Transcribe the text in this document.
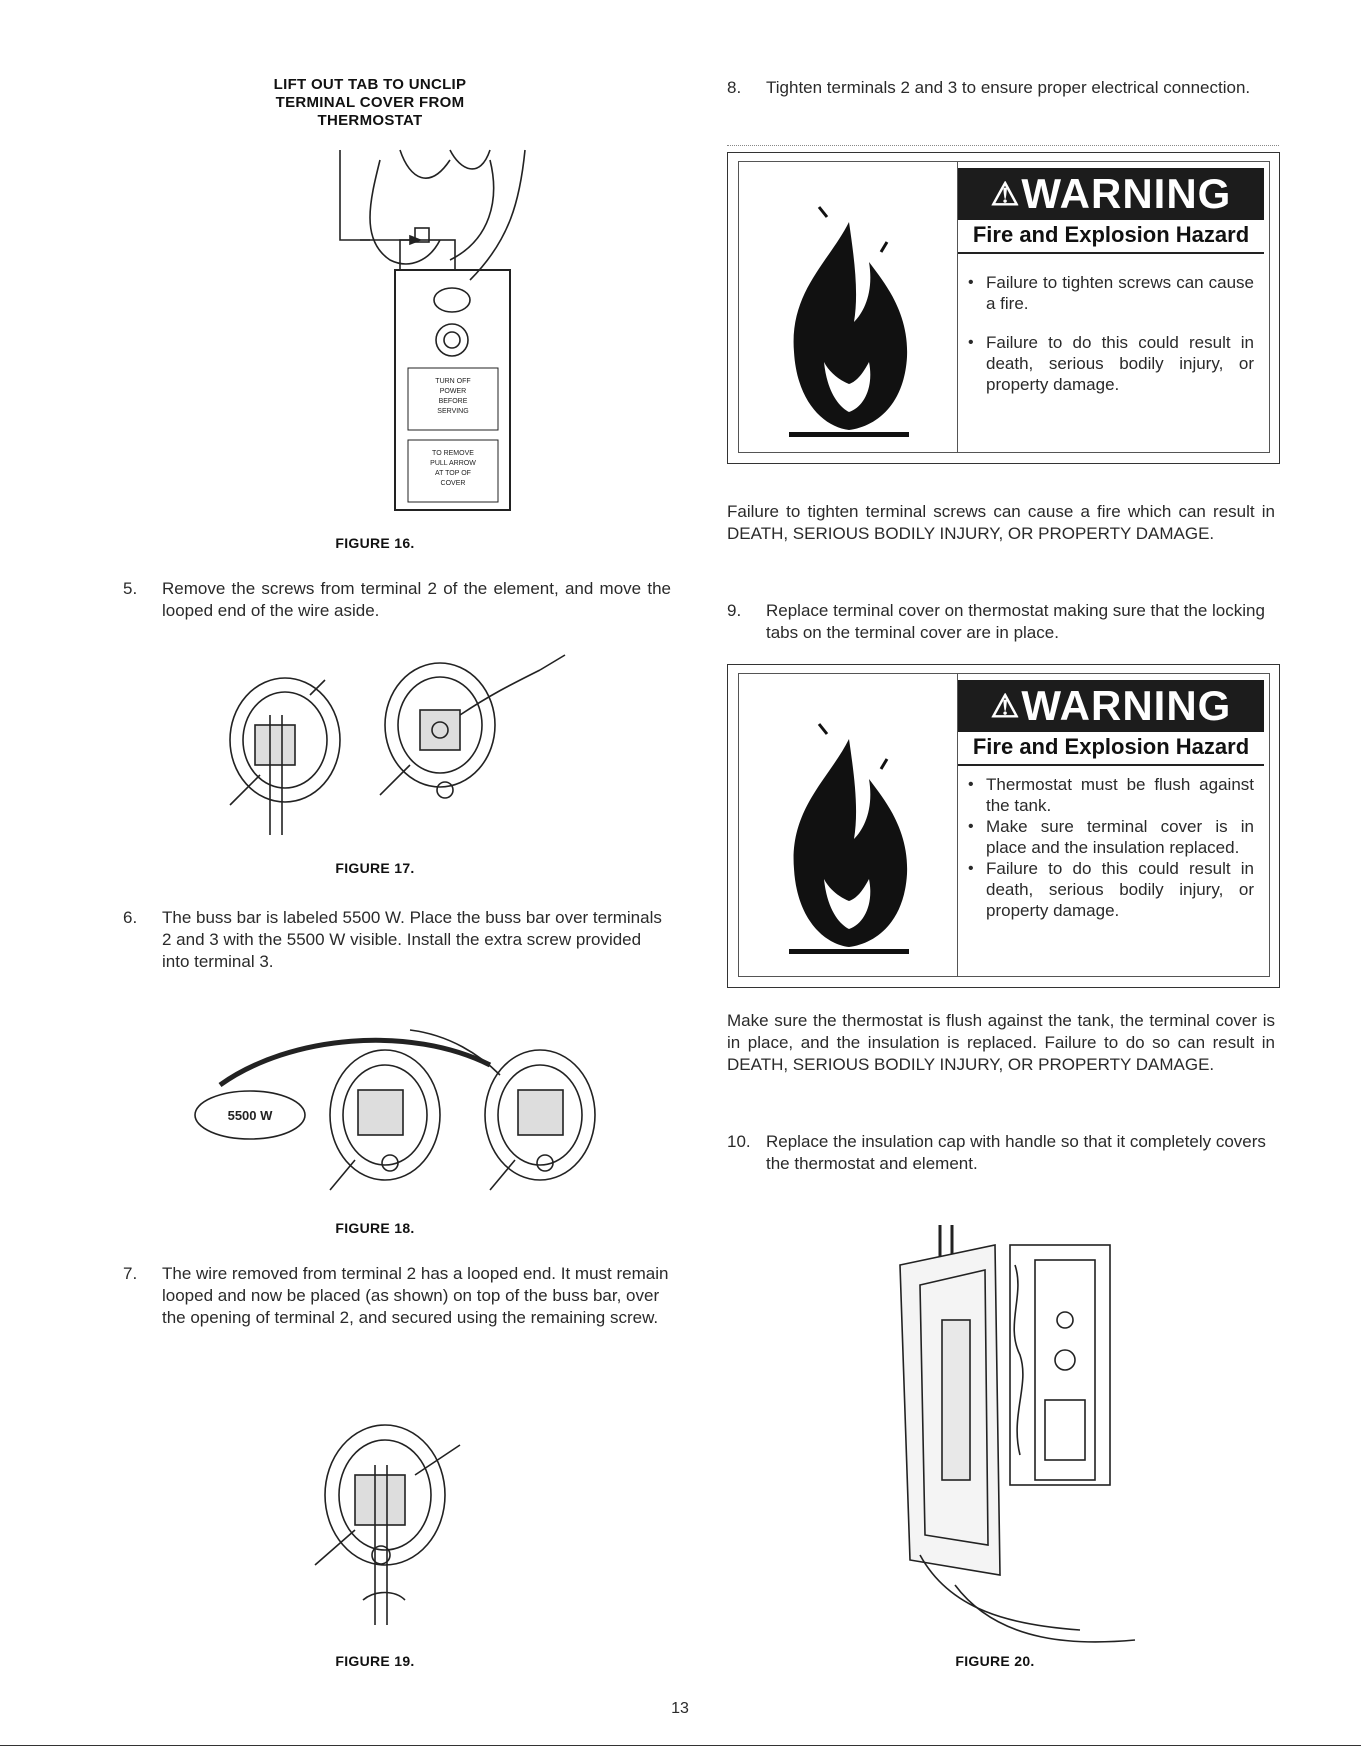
LIFT OUT TAB TO UNCLIP
TERMINAL COVER FROM
THERMOSTAT
TURN OFF
POWER
BEFORE
SERVING
TO REMOVE
PULL ARROW
AT TOP OF
COVER
FIGURE 16.
5.	Remove the screws from terminal 2 of the element, and move the looped end of the wire aside.
FIGURE 17.
6.	The buss bar is labeled 5500 W. Place the buss bar over terminals 2 and 3 with the 5500 W visible. Install the extra screw provided into terminal 3.
5500 W
FIGURE 18.
7.	The wire removed from terminal 2 has a looped end. It must remain looped and now be placed (as shown) on top of the buss bar, over the opening of terminal 2, and secured using the remaining screw.
FIGURE 19.
8.	Tighten terminals 2 and 3 to ensure proper electrical connection.
⚠ WARNING
Fire and Explosion Hazard
• Failure to tighten screws can cause a fire.
• Failure to do this could result in death, serious bodily injury, or property damage.
Failure to tighten terminal screws can cause a fire which can result in DEATH, SERIOUS BODILY INJURY, OR PROPERTY DAMAGE.
9.	Replace terminal cover on thermostat making sure that the locking tabs on the terminal cover are in place.
⚠ WARNING
Fire and Explosion Hazard
• Thermostat must be flush against the tank.
• Make sure terminal cover is in place and the insulation replaced.
• Failure to do this could result in death, serious bodily injury, or property damage.
Make sure the thermostat is flush against the tank, the terminal cover is in place, and the insulation is replaced. Failure to do so can result in DEATH, SERIOUS BODILY INJURY, OR PROPERTY DAMAGE.
10. Replace the insulation cap with handle so that it completely covers the thermostat and element.
FIGURE 20.
13
